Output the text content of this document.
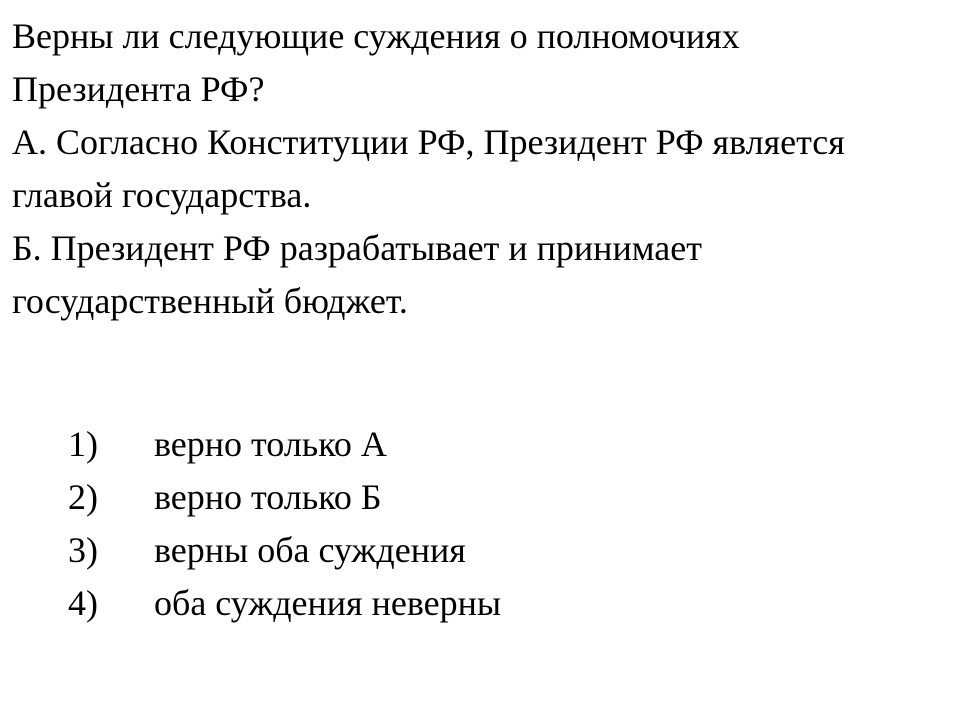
Верны ли следующие суждения о полномочиях Президента РФ?

А. Согласно Конституции РФ, Президент РФ является главой государства.

Б. Президент РФ разрабатывает и принимает государственный бюджет.

1)	верно только А
2)	верно только Б
3)	верны оба суждения
4)	оба суждения неверны
